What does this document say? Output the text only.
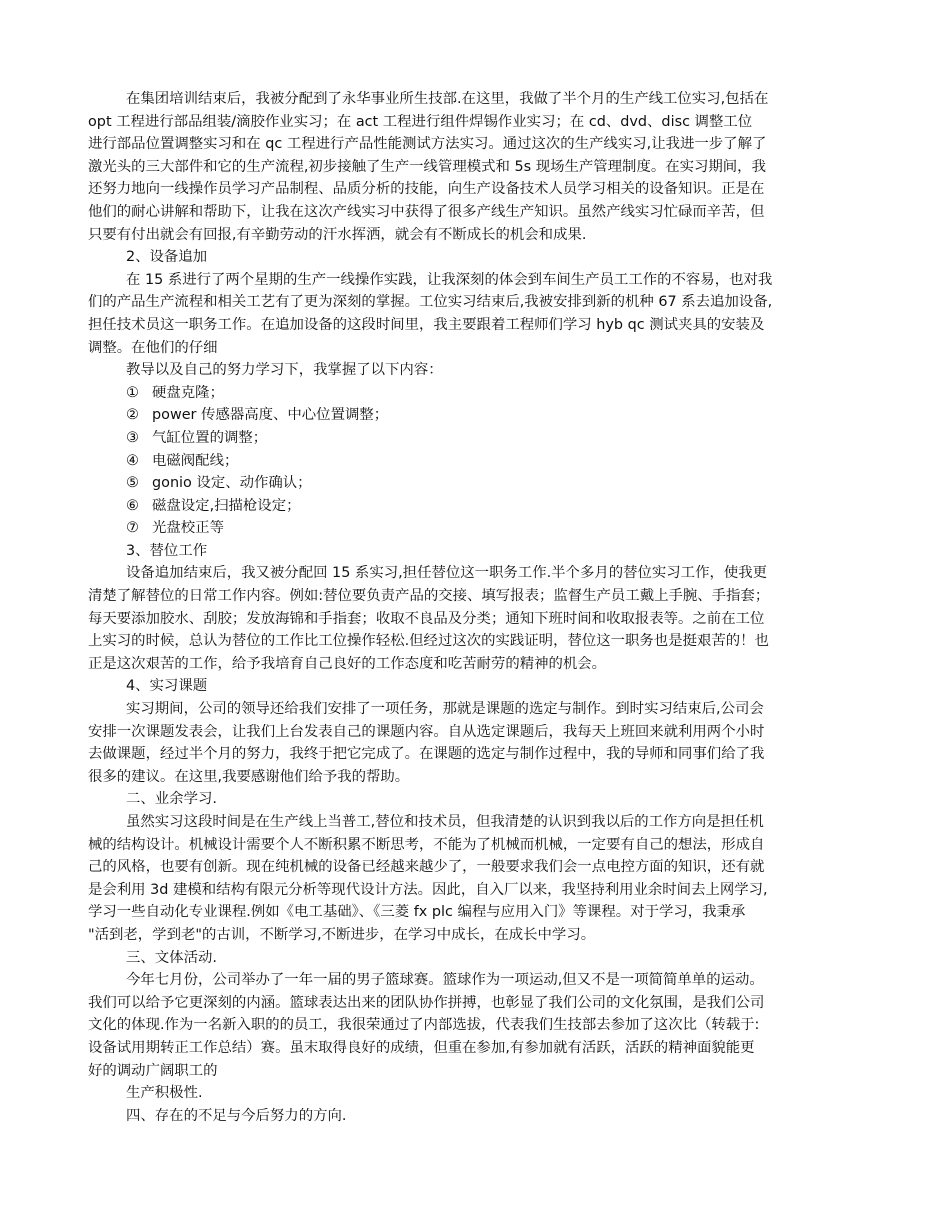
在集团培训结束后，我被分配到了永华事业所生技部.在这里，我做了半个月的生产线工位实习,包括在
opt 工程进行部品组装/滴胶作业实习；在 act 工程进行组件焊锡作业实习；在 cd、dvd、disc 调整工位
进行部品位置调整实习和在 qc 工程进行产品性能测试方法实习。通过这次的生产线实习,让我进一步了解了
激光头的三大部件和它的生产流程,初步接触了生产一线管理模式和 5s 现场生产管理制度。在实习期间，我
还努力地向一线操作员学习产品制程、品质分析的技能，向生产设备技术人员学习相关的设备知识。正是在
他们的耐心讲解和帮助下，让我在这次产线实习中获得了很多产线生产知识。虽然产线实习忙碌而辛苦，但
只要有付出就会有回报,有辛勤劳动的汗水挥洒，就会有不断成长的机会和成果.
2、设备追加
在 15 系进行了两个星期的生产一线操作实践，让我深刻的体会到车间生产员工工作的不容易，也对我
们的产品生产流程和相关工艺有了更为深刻的掌握。工位实习结束后,我被安排到新的机种 67 系去追加设备,
担任技术员这一职务工作。在追加设备的这段时间里，我主要跟着工程师们学习 hyb qc 测试夹具的安装及
调整。在他们的仔细
教导以及自己的努力学习下，我掌握了以下内容：
① 硬盘克隆；
② power 传感器高度、中心位置调整；
③ 气缸位置的调整；
④ 电磁阀配线；
⑤ gonio 设定、动作确认；
⑥ 磁盘设定,扫描枪设定；
⑦ 光盘校正等
3、替位工作
设备追加结束后，我又被分配回 15 系实习,担任替位这一职务工作.半个多月的替位实习工作，使我更
清楚了解替位的日常工作内容。例如:替位要负责产品的交接、填写报表；监督生产员工戴上手腕、手指套；
每天要添加胶水、刮胶；发放海锦和手指套；收取不良品及分类；通知下班时间和收取报表等。之前在工位
上实习的时候，总认为替位的工作比工位操作轻松.但经过这次的实践证明，替位这一职务也是挺艰苦的！也
正是这次艰苦的工作，给予我培育自己良好的工作态度和吃苦耐劳的精神的机会。
4、实习课题
实习期间，公司的领导还给我们安排了一项任务，那就是课题的选定与制作。到时实习结束后,公司会
安排一次课题发表会，让我们上台发表自己的课题内容。自从选定课题后，我每天上班回来就利用两个小时
去做课题，经过半个月的努力，我终于把它完成了。在课题的选定与制作过程中，我的导师和同事们给了我
很多的建议。在这里,我要感谢他们给予我的帮助。
二、业余学习.
虽然实习这段时间是在生产线上当普工,替位和技术员，但我清楚的认识到我以后的工作方向是担任机
械的结构设计。机械设计需要个人不断积累不断思考，不能为了机械而机械，一定要有自己的想法，形成自
己的风格，也要有创新。现在纯机械的设备已经越来越少了，一般要求我们会一点电控方面的知识，还有就
是会利用 3d 建模和结构有限元分析等现代设计方法。因此，自入厂以来，我坚持利用业余时间去上网学习,
学习一些自动化专业课程.例如《电工基础》、《三菱 fx plc 编程与应用入门》等课程。对于学习，我秉承
"活到老，学到老"的古训，不断学习,不断进步，在学习中成长，在成长中学习。
三、文体活动.
今年七月份，公司举办了一年一届的男子篮球赛。篮球作为一项运动,但又不是一项简简单单的运动。
我们可以给予它更深刻的内涵。篮球表达出来的团队协作拼搏，也彰显了我们公司的文化氛围，是我们公司
文化的体现.作为一名新入职的的员工，我很荣通过了内部选拔，代表我们生技部去参加了这次比（转载于:
设备试用期转正工作总结）赛。虽末取得良好的成绩，但重在参加,有参加就有活跃，活跃的精神面貌能更
好的调动广阔职工的
生产积极性.
四、存在的不足与今后努力的方向.
